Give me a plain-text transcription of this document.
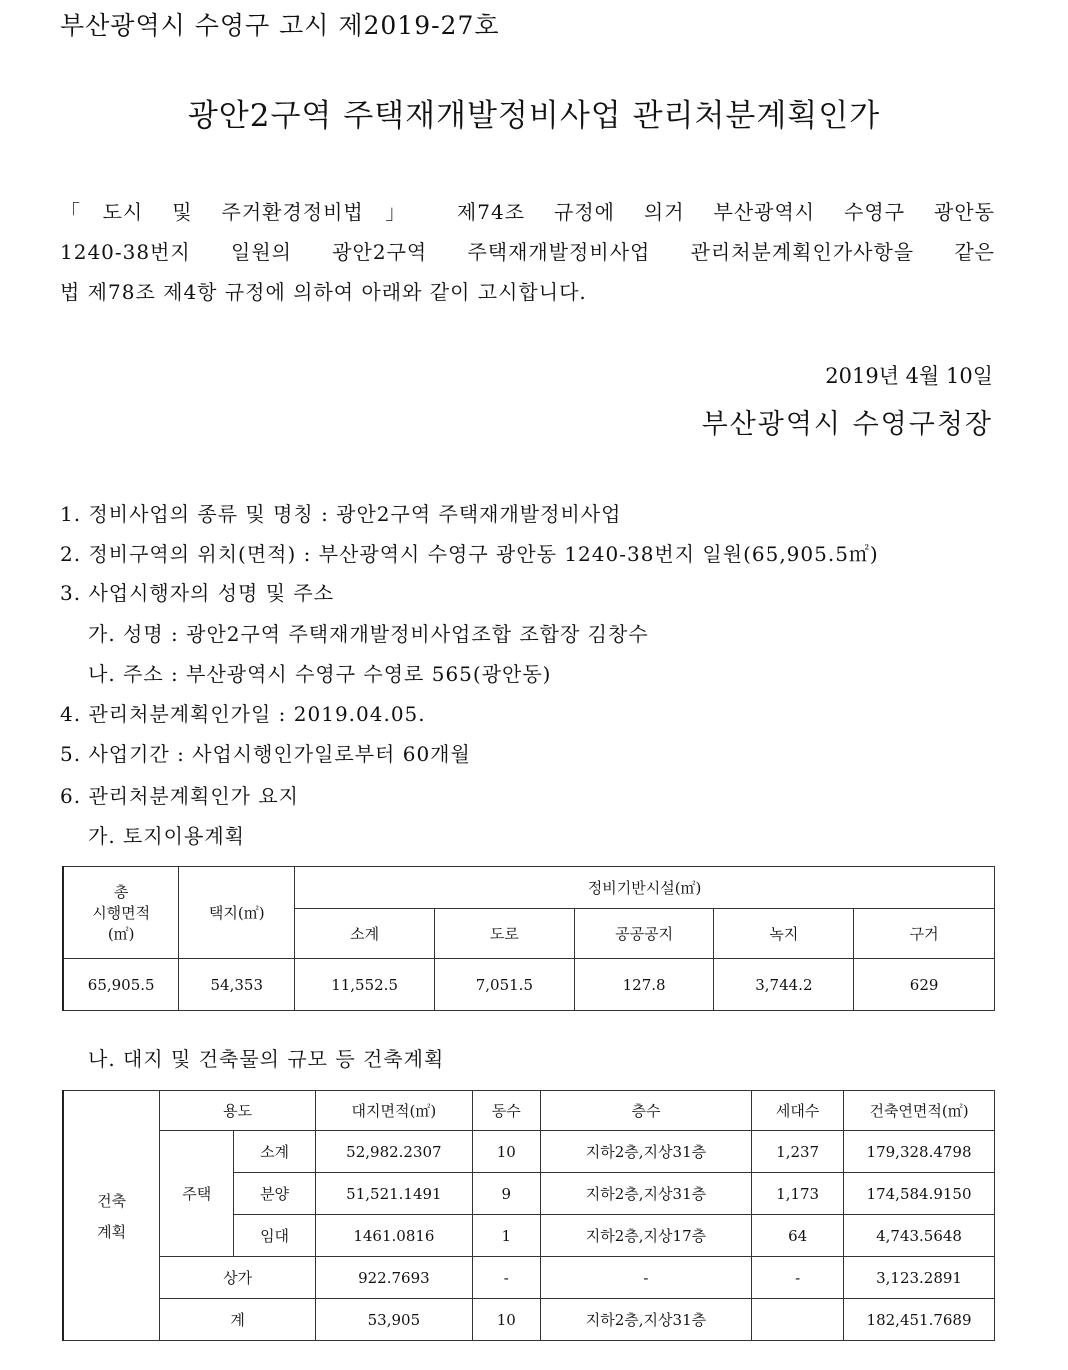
부산광역시 수영구 고시 제2019-27호
광안2구역 주택재개발정비사업 관리처분계획인가
「도시 및 주거환경정비법」 제74조 규정에 의거 부산광역시 수영구 광안동
1240-38번지 일원의 광안2구역 주택재개발정비사업 관리처분계획인가사항을 같은
법 제78조 제4항 규정에 의하여 아래와 같이 고시합니다.
2019년 4월 10일
부산광역시 수영구청장
1. 정비사업의 종류 및 명칭 : 광안2구역 주택재개발정비사업
2. 정비구역의 위치(면적) : 부산광역시 수영구 광안동 1240-38번지 일원(65,905.5㎡)
3. 사업시행자의 성명 및 주소
가. 성명 : 광안2구역 주택재개발정비사업조합 조합장 김창수
나. 주소 : 부산광역시 수영구 수영로 565(광안동)
4. 관리처분계획인가일 : 2019.04.05.
5. 사업기간 : 사업시행인가일로부터 60개월
6. 관리처분계획인가 요지
가. 토지이용계획
총
시행면적
(㎡)	택지(㎡)	정비기반시설(㎡)				
		소계	도로	공공공지	녹지	구거
65,905.5	54,353	11,552.5	7,051.5	127.8	3,744.2	629
나. 대지 및 건축물의 규모 등 건축계획
건축
계획	용도		대지면적(㎡)	동수	층수	세대수	건축연면적(㎡)
	주택	소계	52,982.2307	10	지하2층,지상31층	1,237	179,328.4798
		분양	51,521.1491	9	지하2층,지상31층	1,173	174,584.9150
		임대	1461.0816	1	지하2층,지상17층	64	4,743.5648
	상가		922.7693	-	-	-	3,123.2891
	계		53,905	10	지하2층,지상31층		182,451.7689
